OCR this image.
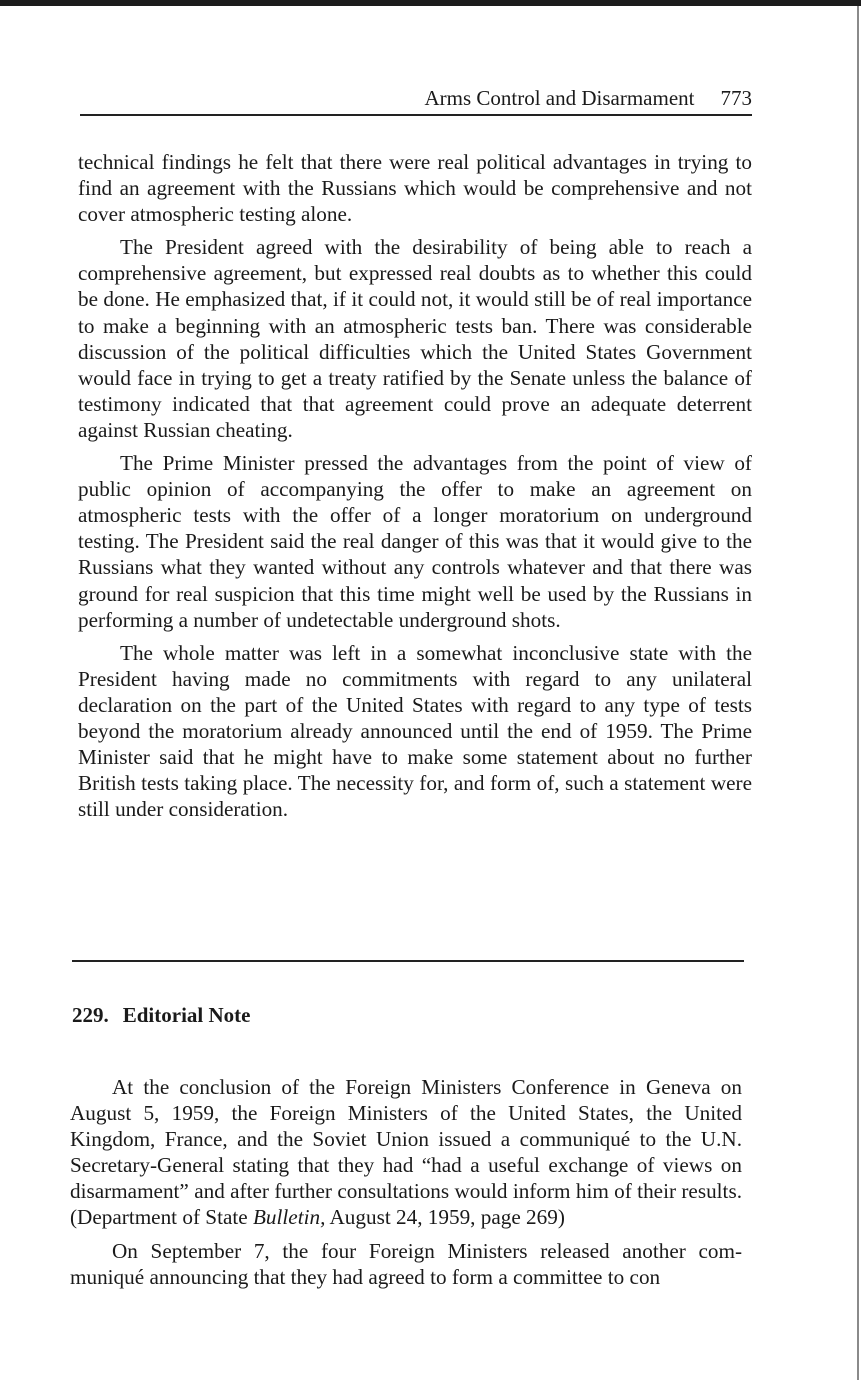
Arms Control and Disarmament 773

technical findings he felt that there were real political advantages in trying to find an agreement with the Russians which would be comprehensive and not cover atmospheric testing alone.

The President agreed with the desirability of being able to reach a comprehensive agreement, but expressed real doubts as to whether this could be done. He emphasized that, if it could not, it would still be of real importance to make a beginning with an atmospheric tests ban. There was considerable discussion of the political difficulties which the United States Government would face in trying to get a treaty ratified by the Senate unless the balance of testimony indicated that that agreement could prove an adequate deterrent against Russian cheating.

The Prime Minister pressed the advantages from the point of view of public opinion of accompanying the offer to make an agreement on atmospheric tests with the offer of a longer moratorium on underground testing. The President said the real danger of this was that it would give to the Russians what they wanted without any controls whatever and that there was ground for real suspicion that this time might well be used by the Russians in performing a number of undetectable underground shots.

The whole matter was left in a somewhat inconclusive state with the President having made no commitments with regard to any unilateral declaration on the part of the United States with regard to any type of tests beyond the moratorium already announced until the end of 1959. The Prime Minister said that he might have to make some statement about no further British tests taking place. The necessity for, and form of, such a statement were still under consideration.

229. Editorial Note

At the conclusion of the Foreign Ministers Conference in Geneva on August 5, 1959, the Foreign Ministers of the United States, the United Kingdom, France, and the Soviet Union issued a communiqué to the U.N. Secretary-General stating that they had “had a useful exchange of views on disarmament” and after further consultations would inform him of their results. (Department of State Bulletin, August 24, 1959, page 269)

On September 7, the four Foreign Ministers released another communiqué announcing that they had agreed to form a committee to con
